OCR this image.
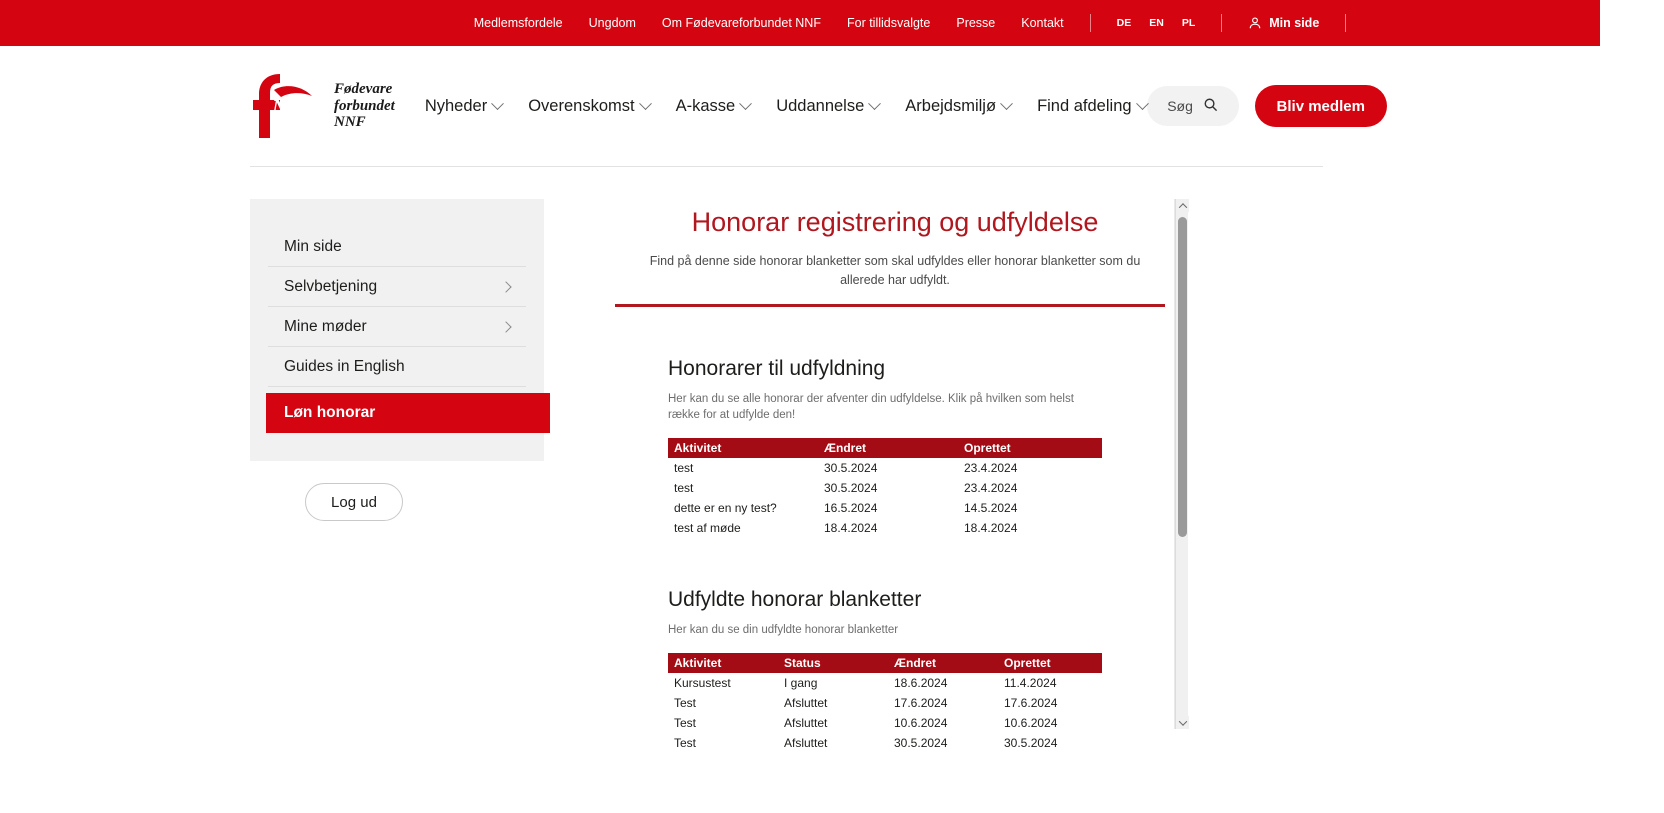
Medlemsfordele Ungdom Om Fødevareforbundet NNF For tillidsvalgte Presse Kontakt	DE EN PL	Min side
NN
F
Fødevare
forbundet
NNF
Nyheder Overenskomst A-kasse Uddannelse Arbejdsmiljø Find afdeling	Søg	Bliv medlem
Min side
Selvbetjening
Mine møder
Guides in English
Løn honorar
Log ud
Honorar registrering og udfyldelse

Find på denne side honorar blanketter som skal udfyldes eller honorar blanketter som du allerede har udfyldt.

Honorarer til udfyldning

Her kan du se alle honorar der afventer din udfyldelse. Klik på hvilken som helst række for at udfylde den!

Aktivitet	Ændret	Oprettet
test	30.5.2024	23.4.2024
test	30.5.2024	23.4.2024
dette er en ny test?	16.5.2024	14.5.2024
test af møde	18.4.2024	18.4.2024
Udfyldte honorar blanketter

Her kan du se din udfyldte honorar blanketter

Aktivitet	Status	Ændret	Oprettet
Kursustest	I gang	18.6.2024	11.4.2024
Test	Afsluttet	17.6.2024	17.6.2024
Test	Afsluttet	10.6.2024	10.6.2024
Test	Afsluttet	30.5.2024	30.5.2024
